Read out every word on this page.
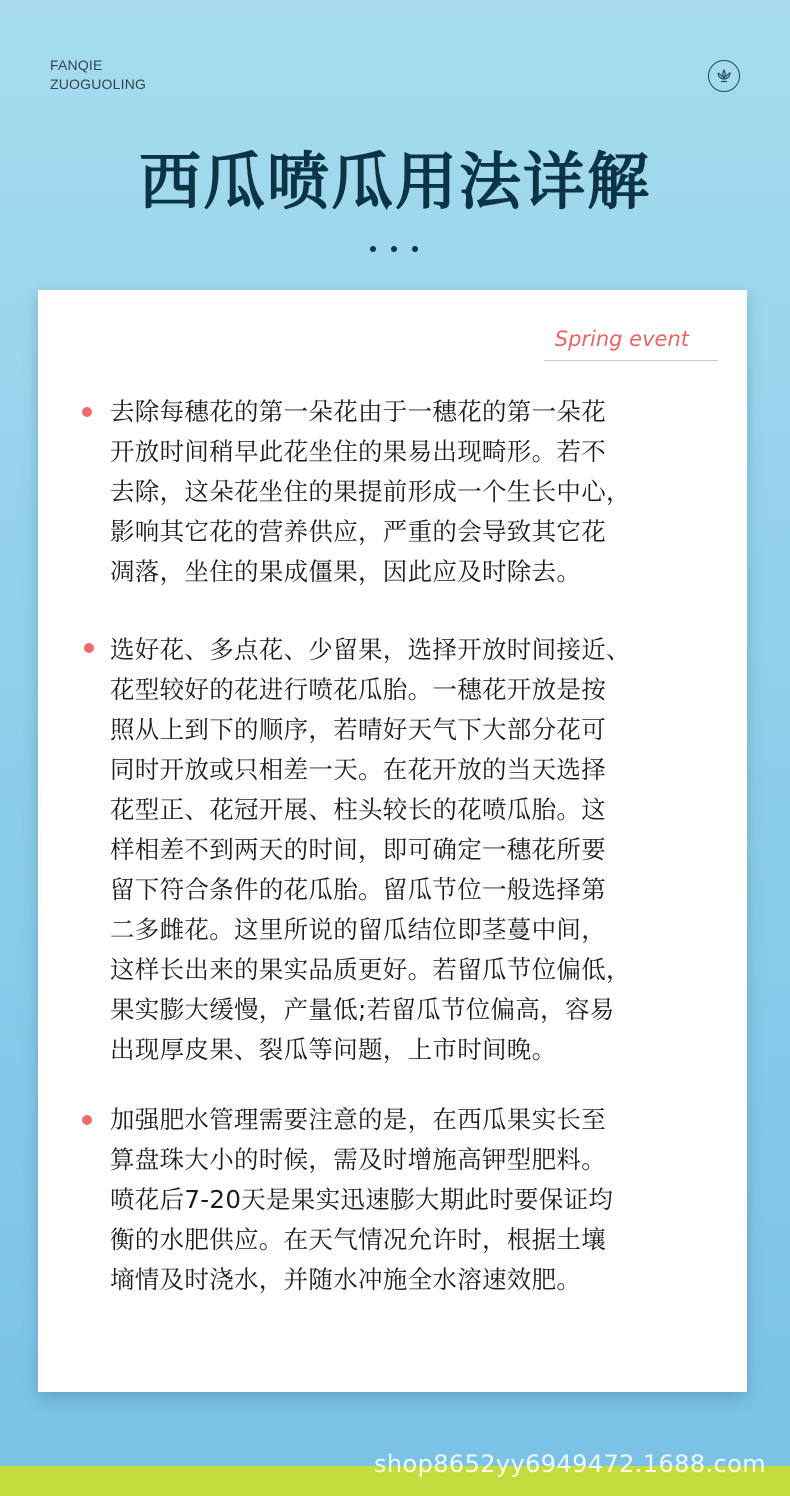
FANQIE
ZUOGUOLING
西瓜喷瓜用法详解
Spring event
去除每穗花的第一朵花由于一穗花的第一朵花
开放时间稍早此花坐住的果易出现畸形。若不
去除，这朵花坐住的果提前形成一个生长中心，
影响其它花的营养供应，严重的会导致其它花
凋落，坐住的果成僵果，因此应及时除去。
选好花、多点花、少留果，选择开放时间接近、
花型较好的花进行喷花瓜胎。一穗花开放是按
照从上到下的顺序，若晴好天气下大部分花可
同时开放或只相差一天。在花开放的当天选择
花型正、花冠开展、柱头较长的花喷瓜胎。这
样相差不到两天的时间，即可确定一穗花所要
留下符合条件的花瓜胎。留瓜节位一般选择第
二多雌花。这里所说的留瓜结位即茎蔓中间，
这样长出来的果实品质更好。若留瓜节位偏低，
果实膨大缓慢，产量低;若留瓜节位偏高，容易
出现厚皮果、裂瓜等问题，上市时间晚。
加强肥水管理需要注意的是，在西瓜果实长至
算盘珠大小的时候，需及时增施高钾型肥料。
喷花后7-20天是果实迅速膨大期此时要保证均
衡的水肥供应。在天气情况允许时，根据土壤
墒情及时浇水，并随水冲施全水溶速效肥。
shop8652yy6949472.1688.com
